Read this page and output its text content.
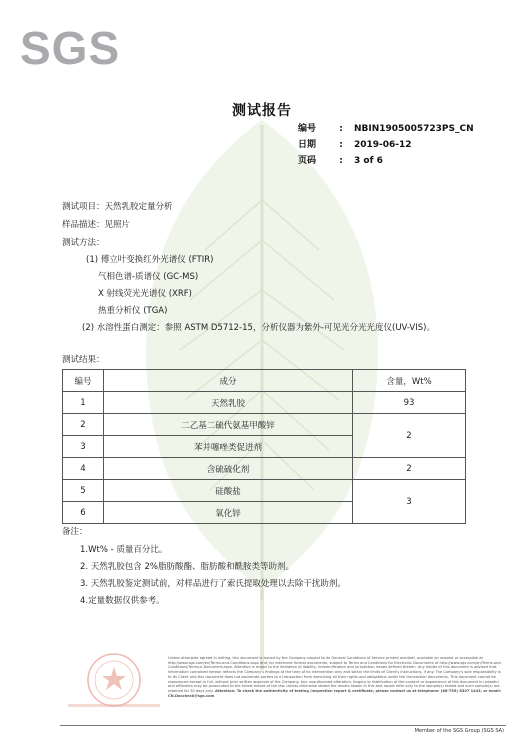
SGS
测试报告
编号	: NBIN1905005723PS_CN
日期	: 2019-06-12
页码	: 3 of 6
测试项目：天然乳胶定量分析
样品描述：见照片
测试方法：
(1) 傅立叶变换红外光谱仪 (FTIR)
气相色谱-质谱仪 (GC-MS)
X 射线荧光光谱仪 (XRF)
热重分析仪 (TGA)
(2) 水溶性蛋白测定：参照 ASTM D5712-15，分析仪器为紫外-可见光分光光度仪(UV-VIS)。
测试结果：
编号	成分	含量，Wt%
1	天然乳胶	93
2	二乙基二硫代氨基甲酸锌	2
3	苯并噻唑类促进剂	
4	含硫硫化剂	2
5	硅酸盐	3
6	氧化锌	
备注：
1.Wt% - 质量百分比。
2. 天然乳胶包含 2%脂肪酸酯、脂肪酸和酰胺类等助剂。
3. 天然乳胶鉴定测试前，对样品进行了索氏提取处理以去除干扰助剂。
4.定量数据仅供参考。
Unless otherwise agreed in writing, this document is issued by the Company subject to its General Conditions of Service printed overleaf, available on request or accessible at http://www.sgs.com/en/Terms-and-Conditions.aspx and, for electronic format documents, subject to Terms and Conditions for Electronic Documents at http://www.sgs.com/en/Terms-and-Conditions/Terms-e-Document.aspx. Attention is drawn to the limitation of liability, indemnification and jurisdiction issues defined therein. Any holder of this document is advised that information contained hereon reflects the Company's findings at the time of its intervention only and within the limits of Client's instructions, if any. The Company's sole responsibility is to its Client and this document does not exonerate parties to a transaction from exercising all their rights and obligations under the transaction documents. This document cannot be reproduced except in full, without prior written approval of the Company. Any unauthorized alteration, forgery or falsification of the content or appearance of this document is unlawful and offenders may be prosecuted to the fullest extent of the law. Unless otherwise stated the results shown in this test report refer only to the sample(s) tested and such sample(s) are retained for 30 days only. Attention: To check the authenticity of testing /inspection report & certificate, please contact us at telephone: (86-755) 8307 1443, or email: CN.Doccheck@sgs.com
Member of the SGS Group (SGS SA)
